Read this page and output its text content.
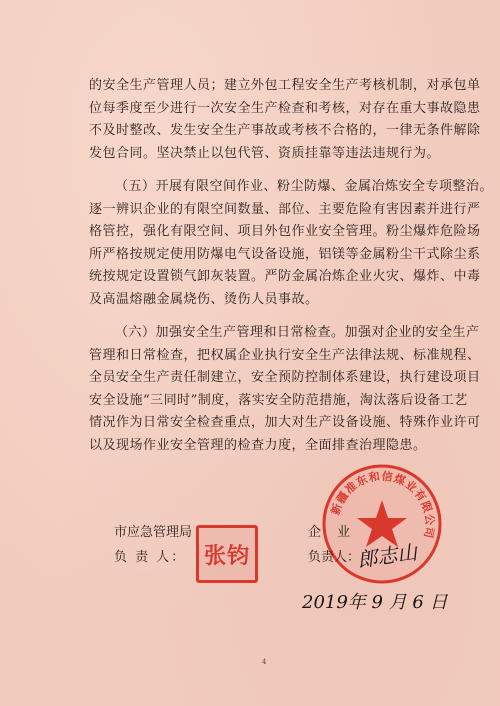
的安全生产管理人员；建立外包工程安全生产考核机制，对承包单

位每季度至少进行一次安全生产检查和考核，对存在重大事故隐患

不及时整改、发生安全生产事故或考核不合格的，一律无条件解除

发包合同。坚决禁止以包代管、资质挂靠等违法违规行为。

（五）开展有限空间作业、粉尘防爆、金属冶炼安全专项整治。

逐一辨识企业的有限空间数量、部位、主要危险有害因素并进行严

格管控，强化有限空间、项目外包作业安全管理。粉尘爆炸危险场

所严格按规定使用防爆电气设备设施，铝镁等金属粉尘干式除尘系

统按规定设置锁气卸灰装置。严防金属冶炼企业火灾、爆炸、中毒

及高温熔融金属烧伤、烫伤人员事故。

（六）加强安全生产管理和日常检查。加强对企业的安全生产

管理和日常检查，把权属企业执行安全生产法律法规、标准规程、

全员安全生产责任制建立，安全预防控制体系建设，执行建设项目

安全设施“三同时”制度，落实安全防范措施，淘汰落后设备工艺

情况作为日常安全检查重点，加大对生产设备设施、特殊作业许可

以及现场作业安全管理的检查力度，全面排查治理隐患。

市应急管理局
负 责 人： 张钧
新疆准东和信煤业有限公司
企 业
负责人：
郎志山
2019年 9 月 6 日
4
